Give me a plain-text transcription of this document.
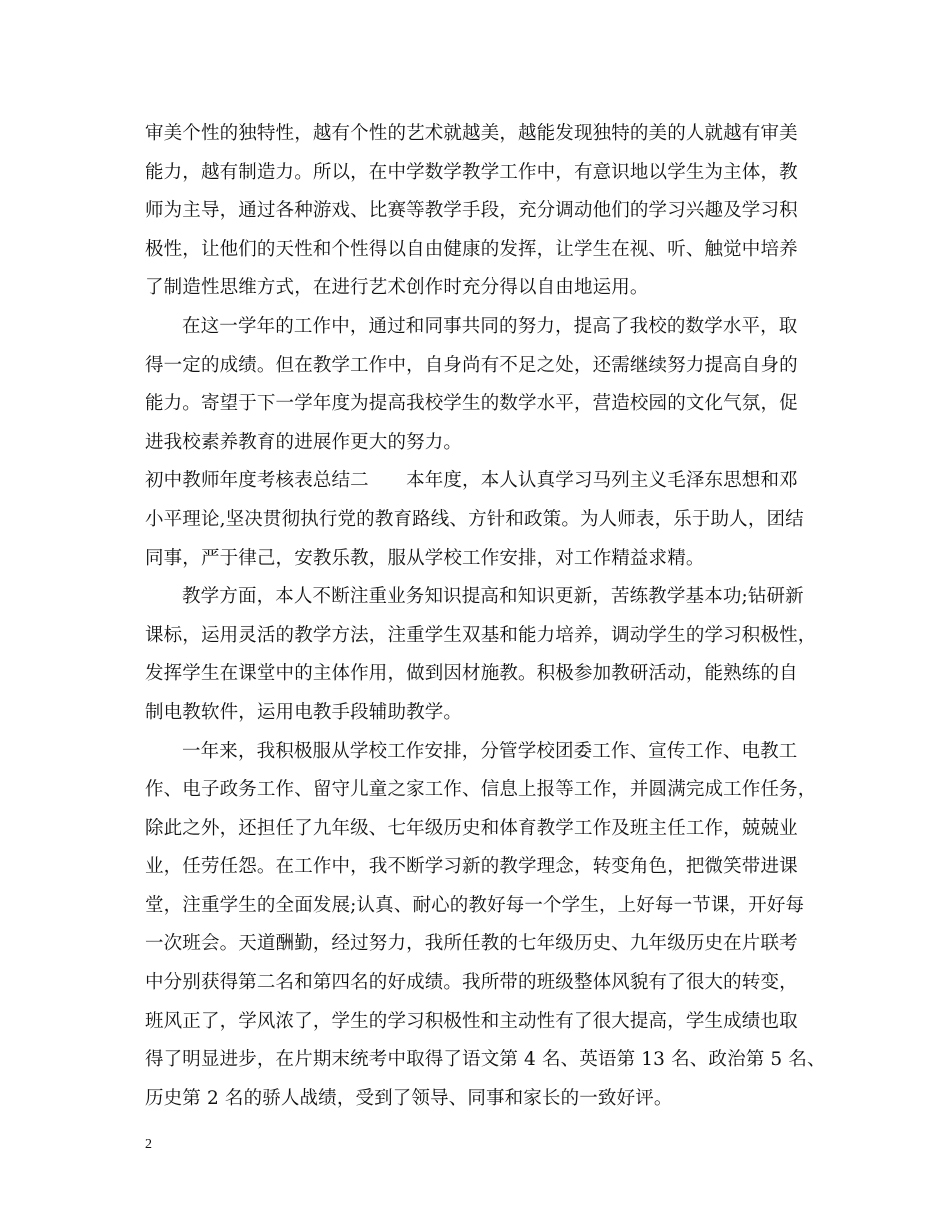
审美个性的独特性，越有个性的艺术就越美，越能发现独特的美的人就越有审美
能力，越有制造力。所以，在中学数学教学工作中，有意识地以学生为主体，教
师为主导，通过各种游戏、比赛等教学手段，充分调动他们的学习兴趣及学习积
极性，让他们的天性和个性得以自由健康的发挥，让学生在视、听、触觉中培养
了制造性思维方式，在进行艺术创作时充分得以自由地运用。
在这一学年的工作中，通过和同事共同的努力，提高了我校的数学水平，取
得一定的成绩。但在教学工作中，自身尚有不足之处，还需继续努力提高自身的
能力。寄望于下一学年度为提高我校学生的数学水平，营造校园的文化气氛，促
进我校素养教育的进展作更大的努力。
初中教师年度考核表总结二　　本年度，本人认真学习马列主义毛泽东思想和邓
小平理论,坚决贯彻执行党的教育路线、方针和政策。为人师表，乐于助人，团结
同事，严于律己，安教乐教，服从学校工作安排，对工作精益求精。
教学方面，本人不断注重业务知识提高和知识更新，苦练教学基本功;钻研新
课标，运用灵活的教学方法，注重学生双基和能力培养，调动学生的学习积极性，
发挥学生在课堂中的主体作用，做到因材施教。积极参加教研活动，能熟练的自
制电教软件，运用电教手段辅助教学。
一年来，我积极服从学校工作安排，分管学校团委工作、宣传工作、电教工
作、电子政务工作、留守儿童之家工作、信息上报等工作，并圆满完成工作任务，
除此之外，还担任了九年级、七年级历史和体育教学工作及班主任工作，兢兢业
业，任劳任怨。在工作中，我不断学习新的教学理念，转变角色，把微笑带进课
堂，注重学生的全面发展;认真、耐心的教好每一个学生，上好每一节课，开好每
一次班会。天道酬勤，经过努力，我所任教的七年级历史、九年级历史在片联考
中分别获得第二名和第四名的好成绩。我所带的班级整体风貌有了很大的转变，
班风正了，学风浓了，学生的学习积极性和主动性有了很大提高，学生成绩也取
得了明显进步，在片期末统考中取得了语文第 4 名、英语第 13 名、政治第 5 名、
历史第 2 名的骄人战绩，受到了领导、同事和家长的一致好评。
2
